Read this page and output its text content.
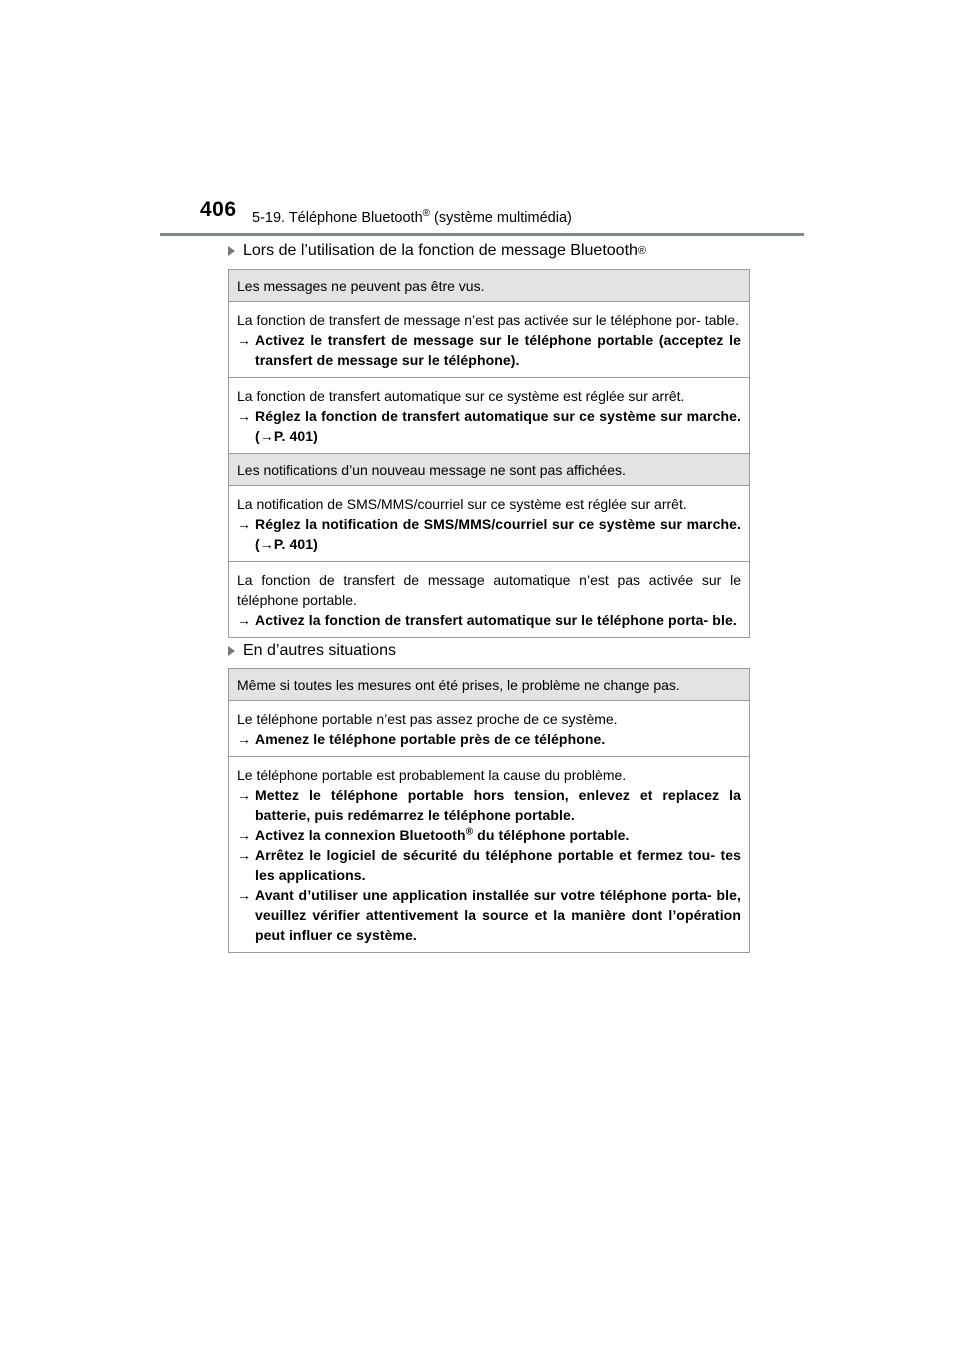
406 5-19. Téléphone Bluetooth® (système multimédia)
Lors de l’utilisation de la fonction de message Bluetooth ®
Les messages ne peuvent pas être vus.
La fonction de transfert de message n’est pas activée sur le téléphone por- table.
→ Activez le transfert de message sur le téléphone portable (acceptez le transfert de message sur le téléphone).
La fonction de transfert automatique sur ce système est réglée sur arrêt.
→ Réglez la fonction de transfert automatique sur ce système sur marche. (→P. 401)
Les notifications d’un nouveau message ne sont pas affichées.
La notification de SMS/MMS/courriel sur ce système est réglée sur arrêt.
→ Réglez la notification de SMS/MMS/courriel sur ce système sur marche. (→P. 401)
La fonction de transfert de message automatique n’est pas activée sur le téléphone portable.
→ Activez la fonction de transfert automatique sur le téléphone porta- ble.
En d’autres situations
Même si toutes les mesures ont été prises, le problème ne change pas.
Le téléphone portable n’est pas assez proche de ce système.
→ Amenez le téléphone portable près de ce téléphone.
Le téléphone portable est probablement la cause du problème.
→ Mettez le téléphone portable hors tension, enlevez et replacez la batterie, puis redémarrez le téléphone portable.
→ Activez la connexion Bluetooth® du téléphone portable.
→ Arrêtez le logiciel de sécurité du téléphone portable et fermez tou- tes les applications.
→ Avant d’utiliser une application installée sur votre téléphone porta- ble, veuillez vérifier attentivement la source et la manière dont l’opération peut influer ce système.
